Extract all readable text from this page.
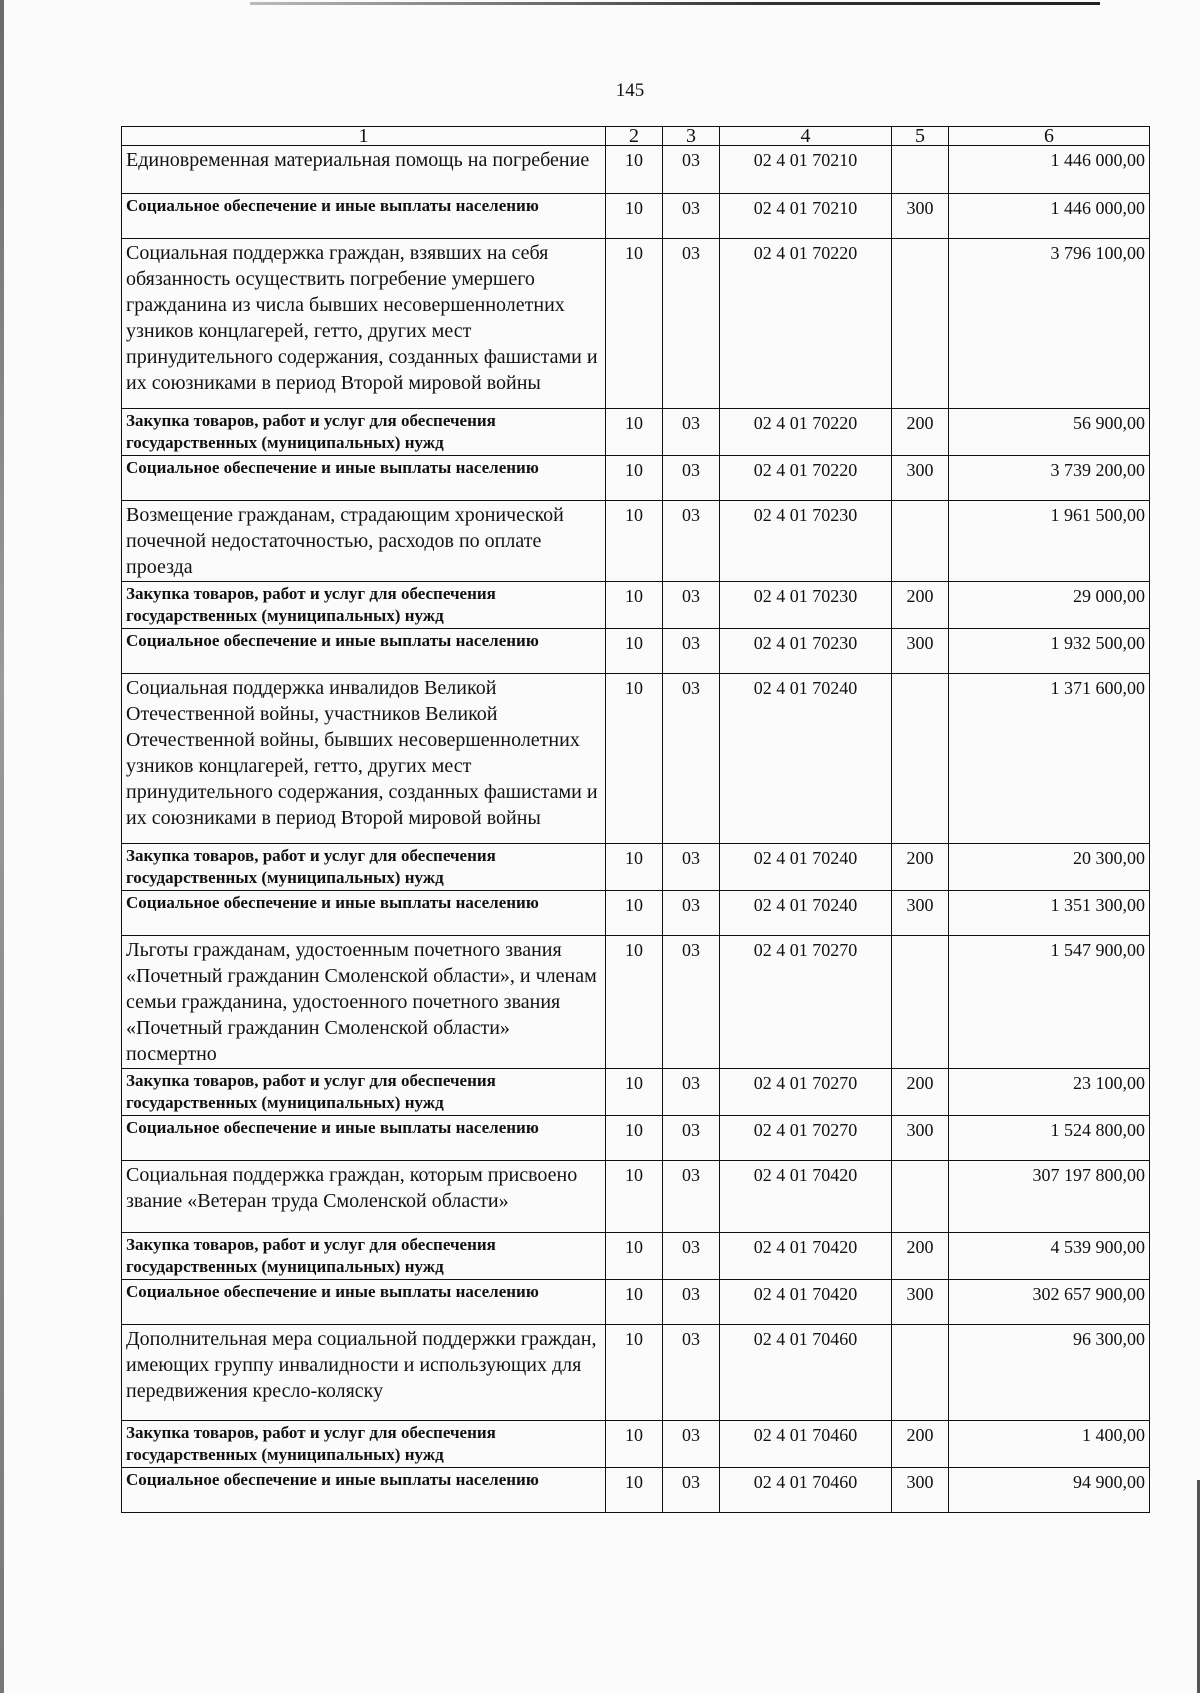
145
1	2	3	4	5	6
Единовременная материальная помощь на погребение	10	03	02 4 01 70210		1 446 000,00
Социальное обеспечение и иные выплаты населению	10	03	02 4 01 70210	300	1 446 000,00
Социальная поддержка граждан, взявших на себя обязанность осуществить погребение умершего гражданина из числа бывших несовершеннолетних узников концлагерей, гетто, других мест принудительного содержания, созданных фашистами и их союзниками в период Второй мировой войны	10	03	02 4 01 70220		3 796 100,00
Закупка товаров, работ и услуг для обеспечения государственных (муниципальных) нужд	10	03	02 4 01 70220	200	56 900,00
Социальное обеспечение и иные выплаты населению	10	03	02 4 01 70220	300	3 739 200,00
Возмещение гражданам, страдающим хронической почечной недостаточностью, расходов по оплате проезда	10	03	02 4 01 70230		1 961 500,00
Закупка товаров, работ и услуг для обеспечения государственных (муниципальных) нужд	10	03	02 4 01 70230	200	29 000,00
Социальное обеспечение и иные выплаты населению	10	03	02 4 01 70230	300	1 932 500,00
Социальная поддержка инвалидов Великой Отечественной войны, участников Великой Отечественной войны, бывших несовершеннолетних узников концлагерей, гетто, других мест принудительного содержания, созданных фашистами и их союзниками в период Второй мировой войны	10	03	02 4 01 70240		1 371 600,00
Закупка товаров, работ и услуг для обеспечения государственных (муниципальных) нужд	10	03	02 4 01 70240	200	20 300,00
Социальное обеспечение и иные выплаты населению	10	03	02 4 01 70240	300	1 351 300,00
Льготы гражданам, удостоенным почетного звания «Почетный гражданин Смоленской области», и членам семьи гражданина, удостоенного почетного звания «Почетный гражданин Смоленской области» посмертно	10	03	02 4 01 70270		1 547 900,00
Закупка товаров, работ и услуг для обеспечения государственных (муниципальных) нужд	10	03	02 4 01 70270	200	23 100,00
Социальное обеспечение и иные выплаты населению	10	03	02 4 01 70270	300	1 524 800,00
Социальная поддержка граждан, которым присвоено звание «Ветеран труда Смоленской области»	10	03	02 4 01 70420		307 197 800,00
Закупка товаров, работ и услуг для обеспечения государственных (муниципальных) нужд	10	03	02 4 01 70420	200	4 539 900,00
Социальное обеспечение и иные выплаты населению	10	03	02 4 01 70420	300	302 657 900,00
Дополнительная мера социальной поддержки граждан, имеющих группу инвалидности и использующих для передвижения кресло-коляску	10	03	02 4 01 70460		96 300,00
Закупка товаров, работ и услуг для обеспечения государственных (муниципальных) нужд	10	03	02 4 01 70460	200	1 400,00
Социальное обеспечение и иные выплаты населению	10	03	02 4 01 70460	300	94 900,00
